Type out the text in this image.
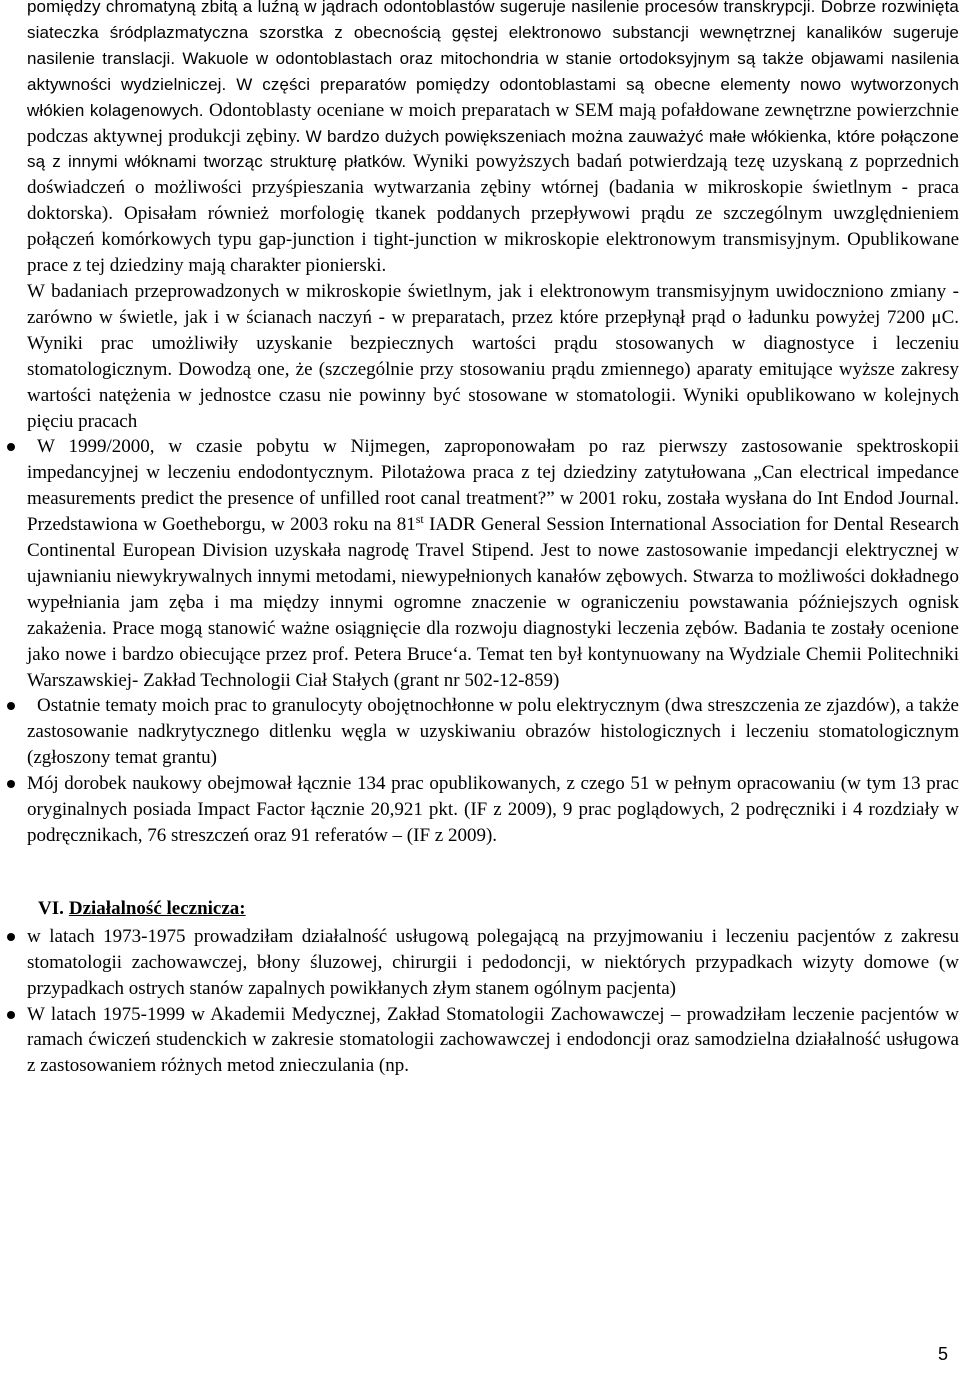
pomiędzy chromatyną zbitą a luźną w jądrach odontoblastów sugeruje nasilenie procesów transkrypcji. Dobrze rozwinięta siateczka śródplazmatyczna szorstka z obecnością gęstej elektronowo substancji wewnętrznej kanalików sugeruje nasilenie translacji. Wakuole w odontoblastach oraz mitochondria w stanie ortodoksyjnym są także objawami nasilenia aktywności wydzielniczej. W części preparatów pomiędzy odontoblastami są obecne elementy nowo wytworzonych włókien kolagenowych. Odontoblasty oceniane w moich preparatach w SEM mają pofałdowane zewnętrzne powierzchnie podczas aktywnej produkcji zębiny. W bardzo dużych powiększeniach można zauważyć małe włókienka, które połączone są z innymi włóknami tworząc strukturę płatków. Wyniki powyższych badań potwierdzają tezę uzyskaną z poprzednich doświadczeń o możliwości przyśpieszania wytwarzania zębiny wtórnej (badania w mikroskopie świetlnym - praca doktorska). Opisałam również morfologię tkanek poddanych przepływowi prądu ze szczególnym uwzględnieniem połączeń komórkowych typu gap-junction i tight-junction w mikroskopie elektronowym transmisyjnym. Opublikowane prace z tej dziedziny mają charakter pionierski.
W badaniach przeprowadzonych w mikroskopie świetlnym, jak i elektronowym transmisyjnym uwidoczniono zmiany - zarówno w świetle, jak i w ścianach naczyń - w preparatach, przez które przepłynął prąd o ładunku powyżej 7200 μC. Wyniki prac umożliwiły uzyskanie bezpiecznych wartości prądu stosowanych w diagnostyce i leczeniu stomatologicznym. Dowodzą one, że (szczególnie przy stosowaniu prądu zmiennego) aparaty emitujące wyższe zakresy wartości natężenia w jednostce czasu nie powinny być stosowane w stomatologii. Wyniki opublikowano w kolejnych pięciu pracach
W 1999/2000, w czasie pobytu w Nijmegen, zaproponowałam po raz pierwszy zastosowanie spektroskopii impedancyjnej w leczeniu endodontycznym. Pilotażowa praca z tej dziedziny zatytułowana „Can electrical impedance measurements predict the presence of unfilled root canal treatment?” w 2001 roku, została wysłana do Int Endod Journal. Przedstawiona w Goetheborgu, w 2003 roku na 81st IADR General Session International Association for Dental Research Continental European Division uzyskała nagrodę Travel Stipend. Jest to nowe zastosowanie impedancji elektrycznej w ujawnianiu niewykrywalnych innymi metodami, niewypełnionych kanałów zębowych. Stwarza to możliwości dokładnego wypełniania jam zęba i ma między innymi ogromne znaczenie w ograniczeniu powstawania późniejszych ognisk zakażenia. Prace mogą stanowić ważne osiągnięcie dla rozwoju diagnostyki leczenia zębów. Badania te zostały ocenione jako nowe i bardzo obiecujące przez prof. Petera Bruce‘a. Temat ten był kontynuowany na Wydziale Chemii Politechniki Warszawskiej- Zakład Technologii Ciał Stałych (grant nr 502-12-859)
Ostatnie tematy moich prac to granulocyty obojętnochłonne w polu elektrycznym (dwa streszczenia ze zjazdów), a także zastosowanie nadkrytycznego ditlenku węgla w uzyskiwaniu obrazów histologicznych i leczeniu stomatologicznym (zgłoszony temat grantu)
Mój dorobek naukowy obejmował łącznie 134 prac opublikowanych, z czego 51 w pełnym opracowaniu (w tym 13 prac oryginalnych posiada Impact Factor łącznie 20,921 pkt. (IF z 2009), 9 prac poglądowych, 2 podręczniki i 4 rozdziały w podręcznikach, 76 streszczeń oraz 91 referatów – (IF z 2009).
VI. Działalność lecznicza:
w latach 1973-1975 prowadziłam działalność usługową polegającą na przyjmowaniu i leczeniu pacjentów z zakresu stomatologii zachowawczej, błony śluzowej, chirurgii i pedodoncji, w niektórych przypadkach wizyty domowe (w przypadkach ostrych stanów zapalnych powikłanych złym stanem ogólnym pacjenta)
W latach 1975-1999 w Akademii Medycznej, Zakład Stomatologii Zachowawczej – prowadziłam leczenie pacjentów w ramach ćwiczeń studenckich w zakresie stomatologii zachowawczej i endodoncji oraz samodzielna działalność usługowa z zastosowaniem różnych metod znieczulania (np.
5
